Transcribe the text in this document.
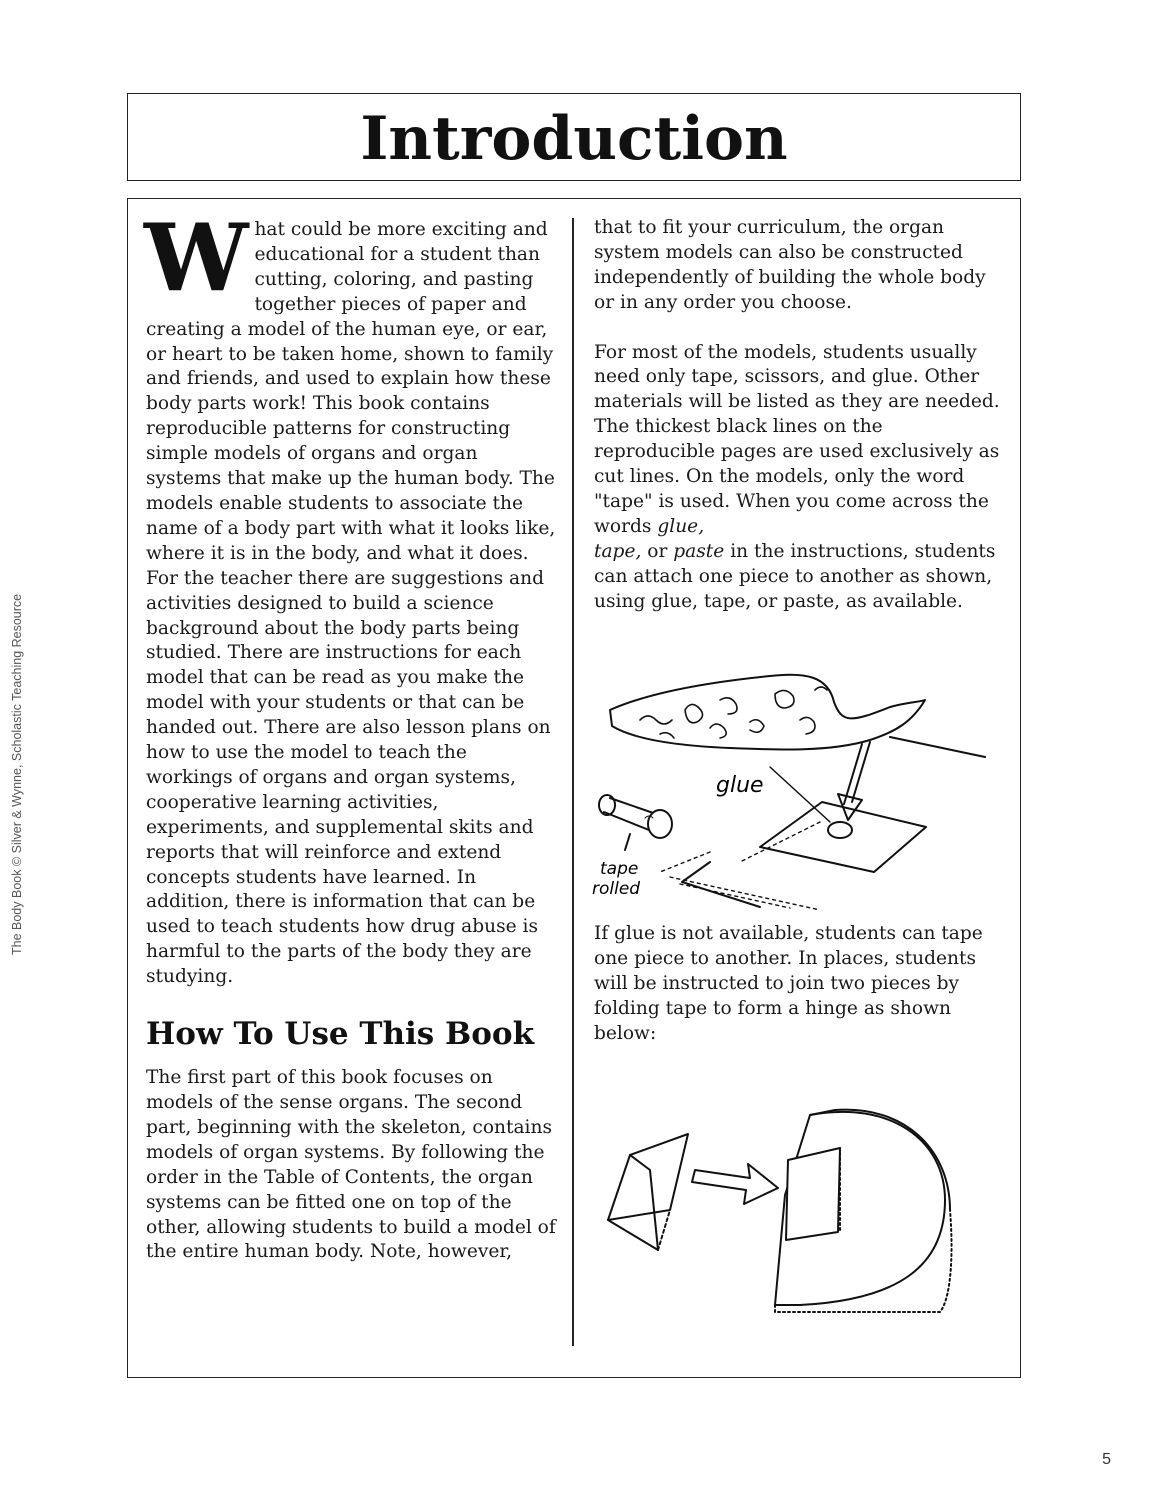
The Body Book © Silver & Wynne, Scholastic Teaching Resource
Introduction

What could be more exciting and educational for a student than cutting, coloring, and pasting together pieces of paper and creating a model of the human eye, or ear, or heart to be taken home, shown to family and friends, and used to explain how these body parts work! This book contains reproducible patterns for constructing simple models of organs and organ systems that make up the human body. The models enable students to associate the name of a body part with what it looks like, where it is in the body, and what it does. For the teacher there are suggestions and activities designed to build a science background about the body parts being studied. There are instructions for each model that can be read as you make the model with your students or that can be handed out. There are also lesson plans on how to use the model to teach the workings of organs and organ systems, cooperative learning activities, experiments, and supplemental skits and reports that will reinforce and extend concepts students have learned. In addition, there is information that can be used to teach students how drug abuse is harmful to the parts of the body they are studying.

How To Use This Book

The first part of this book focuses on models of the sense organs. The second part, beginning with the skeleton, contains models of organ systems. By following the order in the Table of Contents, the organ systems can be fitted one on top of the other, allowing students to build a model of the entire human body. Note, however,

that to fit your curriculum, the organ system models can also be constructed independently of building the whole body or in any order you choose.

For most of the models, students usually need only tape, scissors, and glue. Other materials will be listed as they are needed. The thickest black lines on the reproducible pages are used exclusively as cut lines. On the models, only the word "tape" is used. When you come across the words glue,
tape, or paste in the instructions, students can attach one piece to another as shown, using glue, tape, or paste, as available.

If glue is not available, students can tape one piece to another. In places, students will be instructed to join two pieces by folding tape to form a hinge as shown below:

glue
tape
rolled
5
